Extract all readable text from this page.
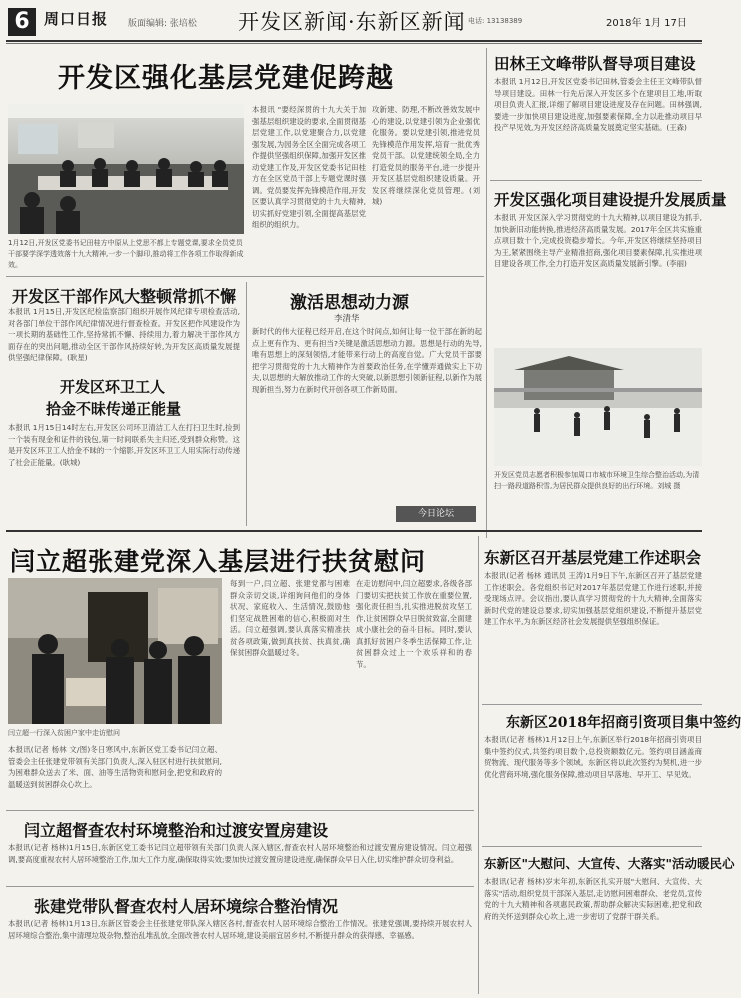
6 周口日报 版面编辑: 张培松 开发区新闻·东新区新闻 电话: 13138389	2018年 1月 17日
开发区强化基层党建促跨越
1月12日,开发区党委书记田桂方中原从上党思不都上专题党课,要求全员党员干部要学深学透效落十九大精神,一步一个脚印,推动将工作各项工作取得新成效。
本报讯 "要经深贯的十九大关于加强基层组织建设的要求,全面贯彻基层党建工作,以党建聚合力,以党建强发展,为园务全区全面完成各项工作提供坚强组织保障,加强开发区推动党建工作及,开发区党委书记田桂方在全区党员干部上专题党课时强调。党员要发挥先锋模范作用,开发区要认真学习贯彻党的十九大精神,切实抓好党建引领,全面提高基层党组织的组织力。
攻新建、防理,不断改善效发展中心的建设,以党建引领为企业强优化服务。要以党建引领,推进党员先锋模范作用发挥,培育一批优秀党员干部。以党建统领全局,全力打造党员的服务平台,进一步提升开发区基层党组织建设质量。开发区将继续深化党员管理。(刘城)
田林王文峰带队督导项目建设
本报讯 1月12日,开发区党委书记田林,管委会主任王文峰带队督导项目建设。田林一行先后深入开发区多个在建项目工地,听取项目负责人汇报,详细了解项目建设进度及存在问题。田林强调,要进一步加快项目建设进度,加强要素保障,全力以赴推动项目早投产早见效,为开发区经济高质量发展奠定坚实基础。(王森)
开发区强化项目建设提升发展质量
本报讯 开发区深入学习贯彻党的十九大精神,以项目建设为抓手,加快新旧动能转换,推进经济高质量发展。2017年全区共实施重点项目数十个,完成投资稳步增长。今年,开发区将继续坚持项目为王,紧紧围绕主导产业精准招商,强化项目要素保障,扎实推进项目建设各项工作,全力打造开发区高质量发展新引擎。(李丽)
开发区党员志愿者积极参加周口市城市环境卫生综合整治活动,为清扫一路段道路积雪,为居民群众提供良好的出行环境。刘城 摄
开发区干部作风大整顿常抓不懈
本报讯 1月15日,开发区纪检监察部门组织开展作风纪律专项检查活动,对各部门单位干部作风纪律情况进行督查检查。开发区把作风建设作为一项长期的基础性工作,坚持常抓不懈、持续用力,着力解决干部作风方面存在的突出问题,推动全区干部作风持续好转,为开发区高质量发展提供坚强纪律保障。(耿星)
开发区环卫工人
拾金不昧传递正能量
本报讯 1月15日14时左右,开发区公司环卫清洁工人在打扫卫生时,捡到一个装有现金和证件的钱包,第一时间联系失主归还,受到群众称赞。这是开发区环卫工人拾金不昧的一个缩影,开发区环卫工人用实际行动传递了社会正能量。(耿城)
激活思想动力源
李清华
新时代的伟大征程已经开启,在这个时间点,如何让每一位干部在新的起点上更有作为、更有担当?关键是激活思想动力源。思想是行动的先导,唯有思想上的深刻领悟,才能带来行动上的高度自觉。广大党员干部要把学习贯彻党的十九大精神作为首要政治任务,在学懂弄通做实上下功夫,以思想的大解放推动工作的大突破,以新思想引领新征程,以新作为展现新担当,努力在新时代开创各项工作新局面。
今日论坛
闫立超张建党深入基层进行扶贫慰问
闫立超一行深入贫困户家中走访慰问
本报讯(记者 杨林 文/图)冬日寒风中,东新区党工委书记闫立超、管委会主任张建党带领有关部门负责人,深入驻区村进行扶贫慰问,为困难群众送去了米、面、油等生活物资和慰问金,把党和政府的温暖送到贫困群众心坎上。
每到一户,闫立超、张建党都与困难群众亲切交谈,详细询问他们的身体状况、家庭收入、生活情况,鼓励他们坚定战胜困难的信心,积极面对生活。闫立超强调,要认真落实精准扶贫各项政策,做到真扶贫、扶真贫,确保贫困群众温暖过冬。
在走访慰问中,闫立超要求,各级各部门要切实把扶贫工作放在重要位置,强化责任担当,扎实推进脱贫攻坚工作,让贫困群众早日脱贫致富,全面建成小康社会的奋斗目标。同时,要认真抓好贫困户冬季生活保障工作,让贫困群众过上一个欢乐祥和的春节。
东新区召开基层党建工作述职会
本报讯(记者 杨林 通讯员 王涛)1月9日下午,东新区召开了基层党建工作述职会。各党组织书记对2017年基层党建工作进行述职,并接受现场点评。会议指出,要认真学习贯彻党的十九大精神,全面落实新时代党的建设总要求,切实加强基层党组织建设,不断提升基层党建工作水平,为东新区经济社会发展提供坚强组织保证。
东新区2018年招商引资项目集中签约
本报讯(记者 杨林)1月12日上午,东新区举行2018年招商引资项目集中签约仪式,共签约项目数个,总投资额数亿元。签约项目涵盖商贸物流、现代服务等多个领域。东新区将以此次签约为契机,进一步优化营商环境,强化服务保障,推动项目早落地、早开工、早见效。
东新区"大慰问、大宣传、大落实"活动暖民心
本报讯(记者 杨林)岁末年初,东新区扎实开展"大慰问、大宣传、大落实"活动,组织党员干部深入基层,走访慰问困难群众、老党员,宣传党的十九大精神和各项惠民政策,帮助群众解决实际困难,把党和政府的关怀送到群众心坎上,进一步密切了党群干群关系。
闫立超督查农村环境整治和过渡安置房建设
本报讯(记者 杨林)1月15日,东新区党工委书记闫立超带领有关部门负责人深入辖区,督查农村人居环境整治和过渡安置房建设情况。闫立超强调,要高度重视农村人居环境整治工作,加大工作力度,确保取得实效;要加快过渡安置房建设进度,确保群众早日入住,切实维护群众切身利益。
张建党带队督查农村人居环境综合整治情况
本报讯(记者 杨林)1月13日,东新区管委会主任张建党带队深入辖区各村,督查农村人居环境综合整治工作情况。张建党强调,要持续开展农村人居环境综合整治,集中清理垃圾杂物,整治乱堆乱放,全面改善农村人居环境,建设美丽宜居乡村,不断提升群众的获得感、幸福感。
